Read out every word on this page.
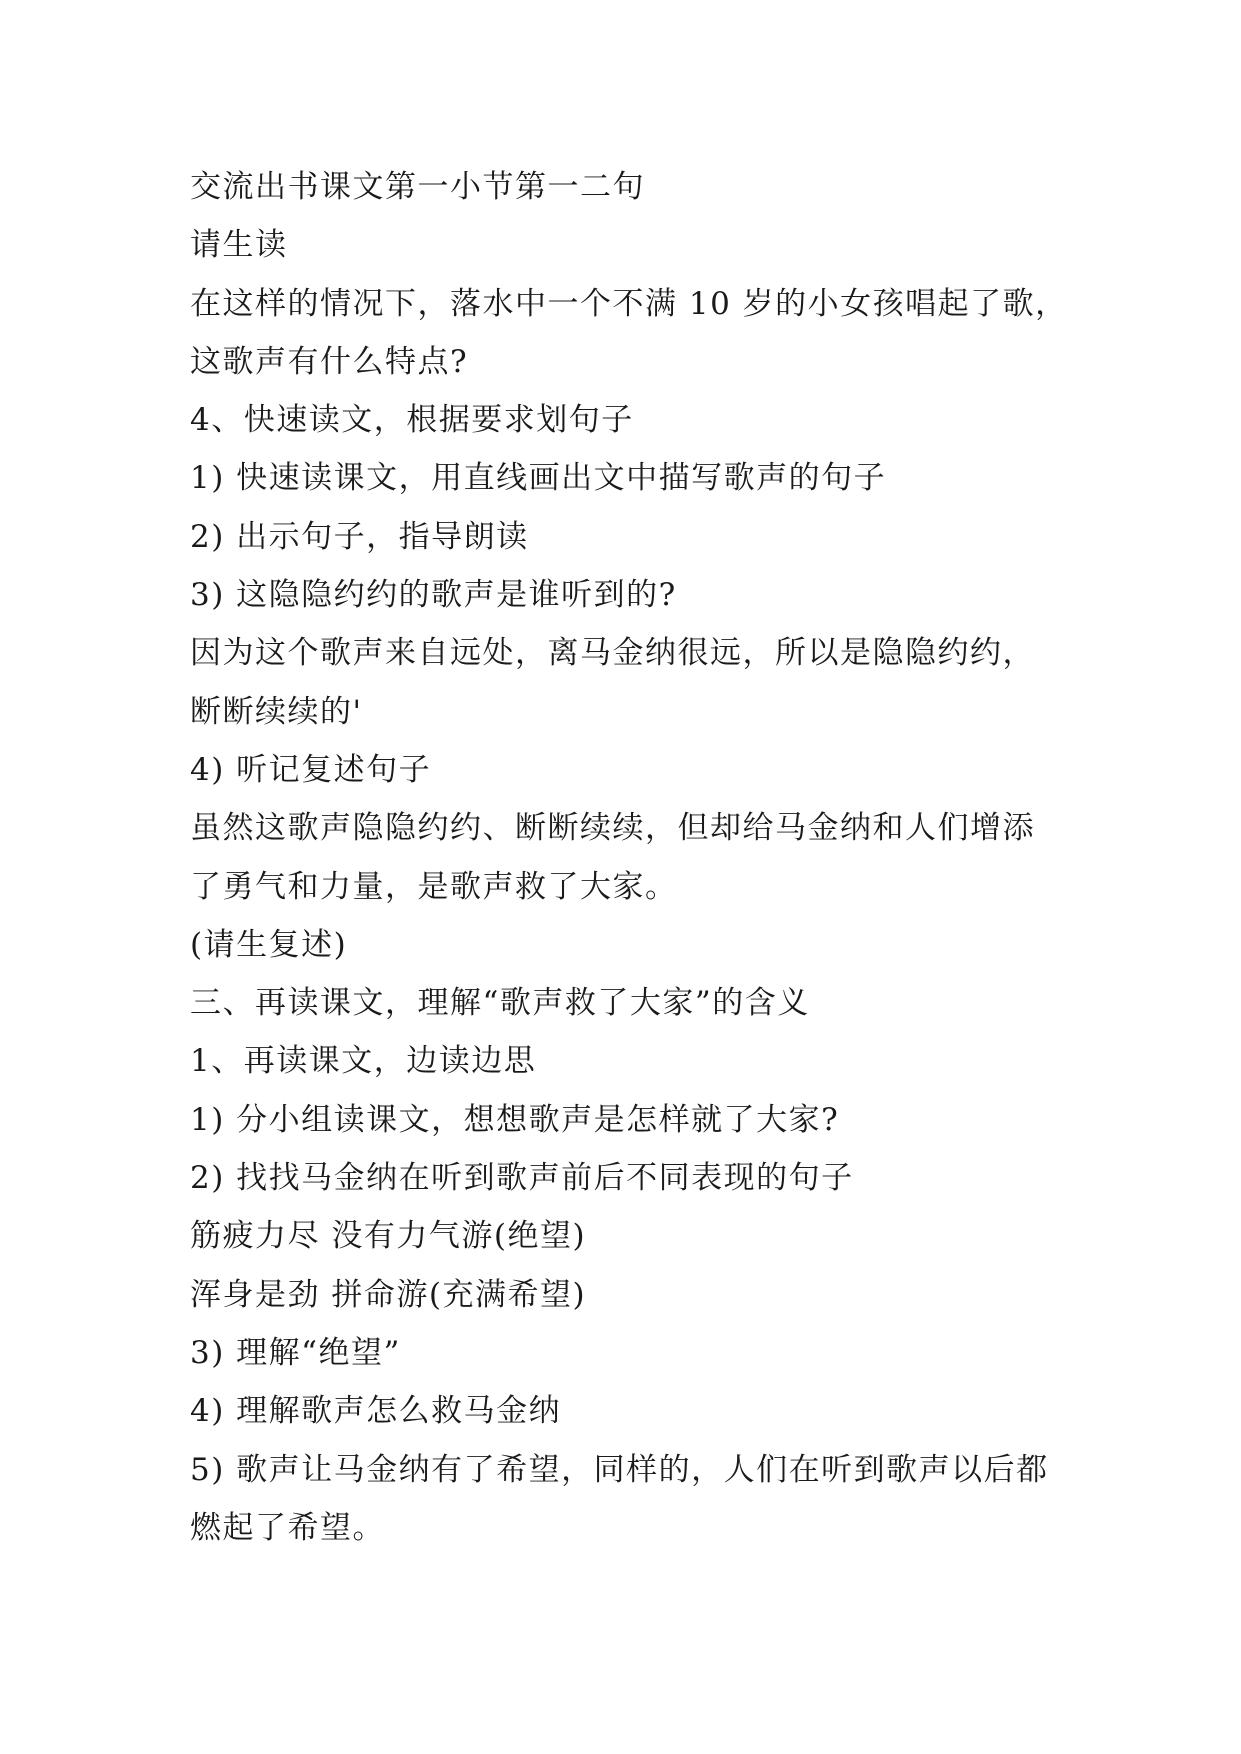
交流出书课文第一小节第一二句
请生读
在这样的情况下，落水中一个不满 10 岁的小女孩唱起了歌，
这歌声有什么特点?
4、快速读文，根据要求划句子
1) 快速读课文，用直线画出文中描写歌声的句子
2) 出示句子，指导朗读
3) 这隐隐约约的歌声是谁听到的?
因为这个歌声来自远处，离马金纳很远，所以是隐隐约约，
断断续续的'
4) 听记复述句子
虽然这歌声隐隐约约、断断续续，但却给马金纳和人们增添
了勇气和力量，是歌声救了大家。
(请生复述)
三、再读课文，理解“歌声救了大家”的含义
1、再读课文，边读边思
1) 分小组读课文，想想歌声是怎样就了大家?
2) 找找马金纳在听到歌声前后不同表现的句子
筋疲力尽 没有力气游(绝望)
浑身是劲 拼命游(充满希望)
3) 理解“绝望”
4) 理解歌声怎么救马金纳
5) 歌声让马金纳有了希望，同样的，人们在听到歌声以后都
燃起了希望。
